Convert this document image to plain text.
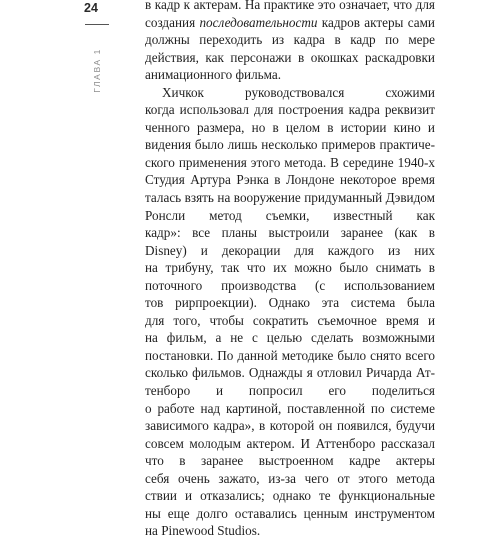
24
ГЛАВА 1
в кадр к актерам. На практике это означает, что для
создания последовательности кадров актеры сами
должны переходить из кадра в кадр по мере
действия, как персонажи в окошках раскадровки
анимационного фильма.
Хичкок руководствовался схожими
когда использовал для построения кадра реквизит
ченного размера, но в целом в истории кино и
видения было лишь несколько примеров практиче-
ского применения этого метода. В середине 1940-х
Студия Артура Рэнка в Лондоне некоторое время
талась взять на вооружение придуманный Дэвидом
Ронсли метод съемки, известный как
кадр»: все планы выстроили заранее (как в
Disney) и декорации для каждого из них
на трибуну, так что их можно было снимать в
поточного производства (с использованием
тов рирпроекции). Однако эта система была
для того, чтобы сократить съемочное время и
на фильм, а не с целью сделать возможными
постановки. По данной методике было снято всего
сколько фильмов. Однажды я отловил Ричарда Ат-
тенборо и попросил его поделиться
о работе над картиной, поставленной по системе
зависимого кадра», в которой он появился, будучи
совсем молодым актером. И Аттенборо рассказал
что в заранее выстроенном кадре актеры
себя очень зажато, из-за чего от этого метода
ствии и отказались; однако те функциональные
ны еще долго оставались ценным инструментом
на Pinewood Studios.
